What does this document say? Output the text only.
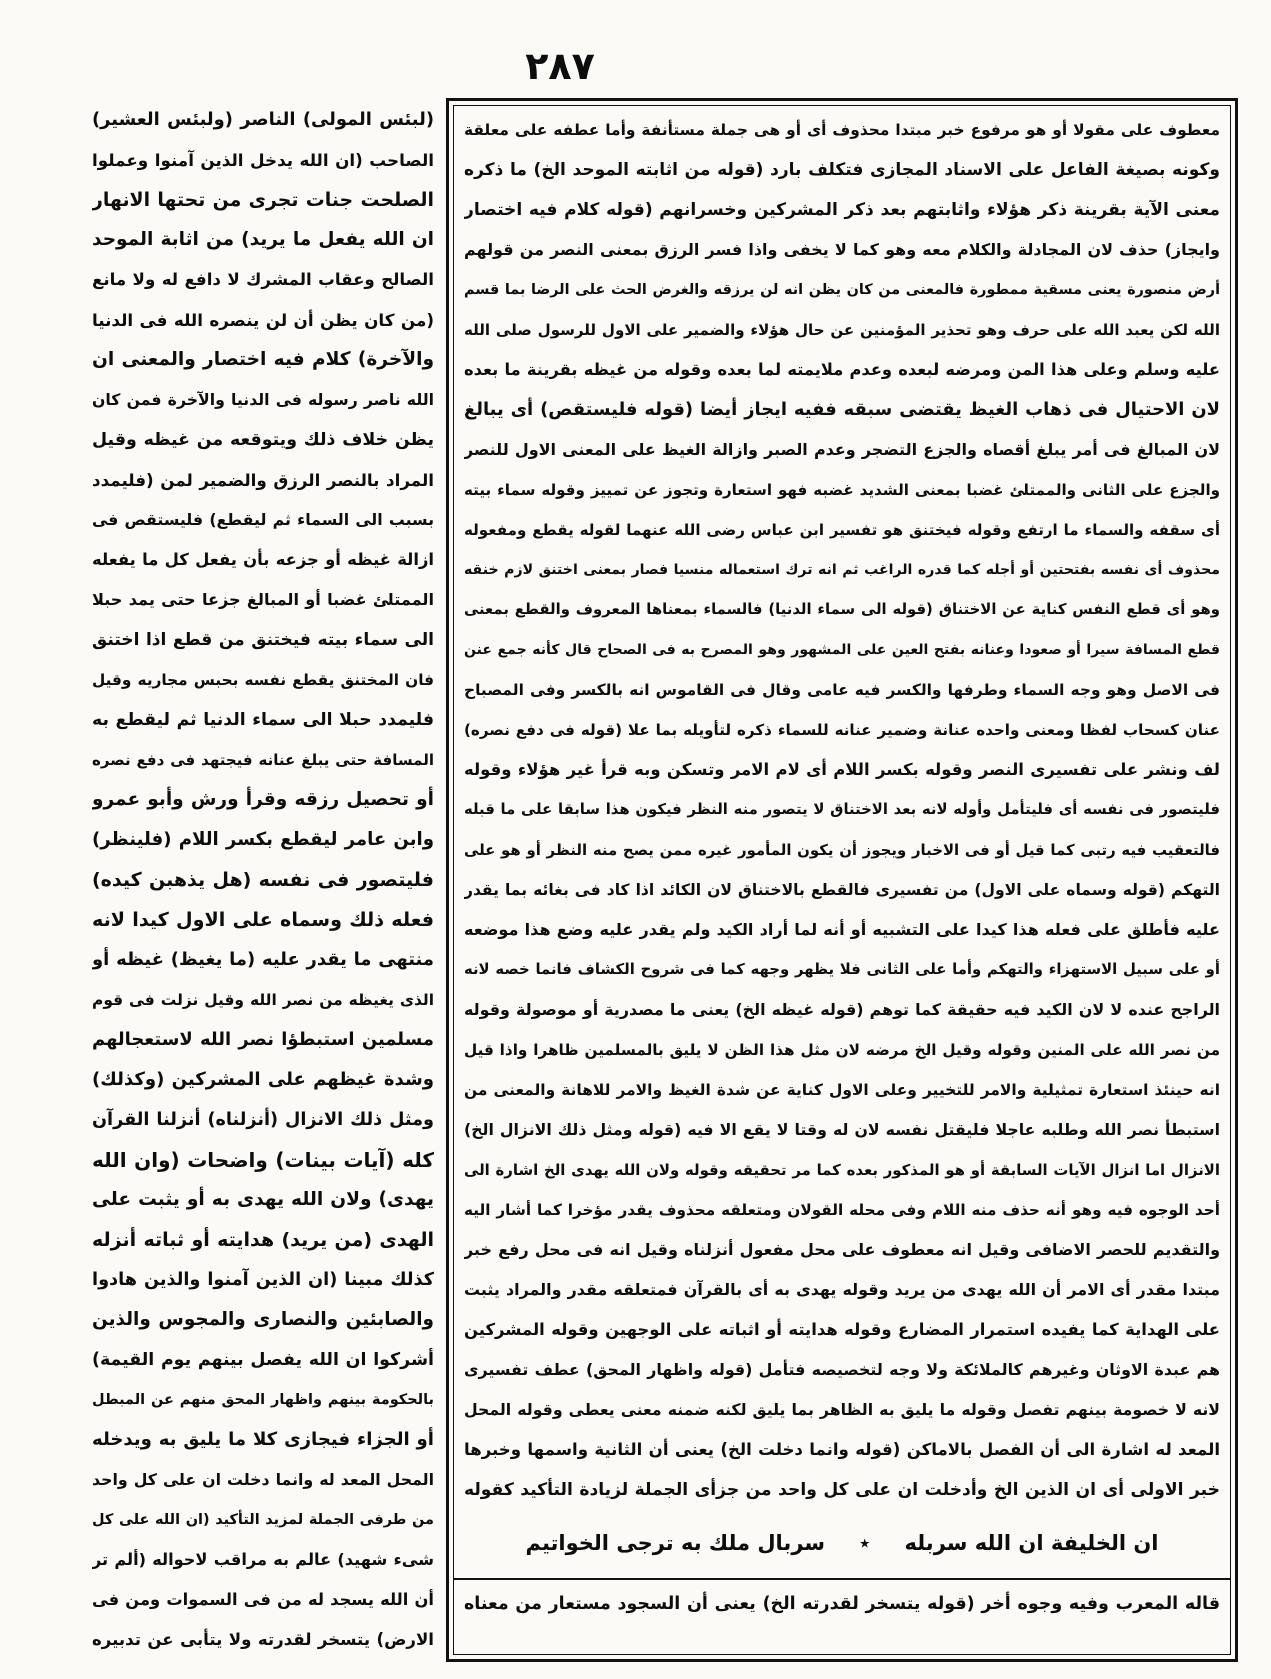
٢٨٧
معطوف على مقولا أو هو مرفوع خبر مبتدا محذوف أى أو هى جملة مستأنفة وأما عطفه على معلقة
وكونه بصيغة الفاعل على الاسناد المجازى فتكلف بارد (قوله من اثابته الموحد الخ) ما ذكره
معنى الآية بقرينة ذكر هؤلاء واثابتهم بعد ذكر المشركين وخسرانهم (قوله كلام فيه اختصار
وايجاز) حذف لان المجادلة والكلام معه وهو كما لا يخفى واذا فسر الرزق بمعنى النصر من قولهم
أرض منصورة يعنى مسقية ممطورة فالمعنى من كان يظن انه لن يرزقه والغرض الحث على الرضا بما قسم
الله لكن يعبد الله على حرف وهو تحذير المؤمنين عن حال هؤلاء والضمير على الاول للرسول صلى الله
عليه وسلم وعلى هذا المن ومرضه لبعده وعدم ملايمته لما بعده وقوله من غيظه بقرينة ما بعده
لان الاحتيال فى ذهاب الغيظ يقتضى سبقه ففيه ايجاز أيضا (قوله فليستقص) أى يبالغ
لان المبالغ فى أمر يبلغ أقصاه والجزع التضجر وعدم الصبر وازالة الغيظ على المعنى الاول للنصر
والجزع على الثانى والممتلئ غضبا بمعنى الشديد غضبه فهو استعارة وتجوز عن تمييز وقوله سماء بيته
أى سقفه والسماء ما ارتفع وقوله فيختنق هو تفسير ابن عباس رضى الله عنهما لقوله يقطع ومفعوله
محذوف أى نفسه بفتحتين أو أجله كما قدره الراغب ثم انه ترك استعماله منسيا فصار بمعنى اختنق لازم خنقه
وهو أى قطع النفس كناية عن الاختناق (قوله الى سماء الدنيا) فالسماء بمعناها المعروف والقطع بمعنى
قطع المسافة سيرا أو صعودا وعنانه بفتح العين على المشهور وهو المصرح به فى الصحاح قال كأنه جمع عنن
فى الاصل وهو وجه السماء وطرفها والكسر فيه عامى وقال فى القاموس انه بالكسر وفى المصباح
عنان كسحاب لفظا ومعنى واحده عنانة وضمير عنانه للسماء ذكره لتأويله بما علا (قوله فى دفع نصره)
لف ونشر على تفسيرى النصر وقوله بكسر اللام أى لام الامر وتسكن وبه قرأ غير هؤلاء وقوله
فليتصور فى نفسه أى فليتأمل وأوله لانه بعد الاختناق لا يتصور منه النظر فيكون هذا سابقا على ما قبله
فالتعقيب فيه رتبى كما قيل أو فى الاخبار ويجوز أن يكون المأمور غيره ممن يصح منه النظر أو هو على
التهكم (قوله وسماه على الاول) من تفسيرى فالقطع بالاختناق لان الكائد اذا كاد فى بغائه بما يقدر
عليه فأطلق على فعله هذا كيدا على التشبيه أو أنه لما أراد الكيد ولم يقدر عليه وضع هذا موضعه
أو على سبيل الاستهزاء والتهكم وأما على الثانى فلا يظهر وجهه كما فى شروح الكشاف فانما خصه لانه
الراجح عنده لا لان الكيد فيه حقيقة كما توهم (قوله غيظه الخ) يعنى ما مصدرية أو موصولة وقوله
من نصر الله على المنين وقوله وقيل الخ مرضه لان مثل هذا الظن لا يليق بالمسلمين ظاهرا واذا قيل
انه حينئذ استعارة تمثيلية والامر للتخيير وعلى الاول كناية عن شدة الغيظ والامر للاهانة والمعنى من
استبطأ نصر الله وطلبه عاجلا فليقتل نفسه لان له وقتا لا يقع الا فيه (قوله ومثل ذلك الانزال الخ)
الانزال اما انزال الآيات السابقة أو هو المذكور بعده كما مر تحقيقه وقوله ولان الله يهدى الخ اشارة الى
أحد الوجوه فيه وهو أنه حذف منه اللام وفى محله القولان ومتعلقه محذوف يقدر مؤخرا كما أشار اليه
والتقديم للحصر الاضافى وقيل انه معطوف على محل مفعول أنزلناه وقيل انه فى محل رفع خبر
مبتدا مقدر أى الامر أن الله يهدى من يريد وقوله يهدى به أى بالقرآن فمتعلقه مقدر والمراد يثبت
على الهداية كما يفيده استمرار المضارع وقوله هدايته أو اثباته على الوجهين وقوله المشركين
هم عبدة الاوثان وغيرهم كالملائكة ولا وجه لتخصيصه فتأمل (قوله واظهار المحق) عطف تفسيرى
لانه لا خصومة بينهم تفصل وقوله ما يليق به الظاهر بما يليق لكنه ضمنه معنى يعطى وقوله المحل
المعد له اشارة الى أن الفصل بالاماكن (قوله وانما دخلت الخ) يعنى أن الثانية واسمها وخبرها
خبر الاولى أى ان الذين الخ وأدخلت ان على كل واحد من جزأى الجملة لزيادة التأكيد كقوله
ان الخليفة ان الله سربله
٭
سربال ملك به ترجى الخواتيم
قاله المعرب وفيه وجوه أخر (قوله يتسخر لقدرته الخ) يعنى أن السجود مستعار من معناه
(لبئس المولى) الناصر (ولبئس العشير)
الصاحب (ان الله يدخل الذين آمنوا وعملوا
الصلحت جنات تجرى من تحتها الانهار
ان الله يفعل ما يريد) من اثابة الموحد
الصالح وعقاب المشرك لا دافع له ولا مانع
(من كان يظن أن لن ينصره الله فى الدنيا
والآخرة) كلام فيه اختصار والمعنى ان
الله ناصر رسوله فى الدنيا والآخرة فمن كان
يظن خلاف ذلك ويتوقعه من غيظه وقيل
المراد بالنصر الرزق والضمير لمن (فليمدد
بسبب الى السماء ثم ليقطع) فليستقص فى
ازالة غيظه أو جزعه بأن يفعل كل ما يفعله
الممتلئ غضبا أو المبالغ جزعا حتى يمد حبلا
الى سماء بيته فيختنق من قطع اذا اختنق
فان المختنق يقطع نفسه بحبس مجاريه وقيل
فليمدد حبلا الى سماء الدنيا ثم ليقطع به
المسافة حتى يبلغ عنانه فيجتهد فى دفع نصره
أو تحصيل رزقه وقرأ ورش وأبو عمرو
وابن عامر ليقطع بكسر اللام (فلينظر)
فليتصور فى نفسه (هل يذهبن كيده)
فعله ذلك وسماه على الاول كيدا لانه
منتهى ما يقدر عليه (ما يغيظ) غيظه أو
الذى يغيظه من نصر الله وقيل نزلت فى قوم
مسلمين استبطؤا نصر الله لاستعجالهم
وشدة غيظهم على المشركين (وكذلك)
ومثل ذلك الانزال (أنزلناه) أنزلنا القرآن
كله (آيات بينات) واضحات (وان الله
يهدى) ولان الله يهدى به أو يثبت على
الهدى (من يريد) هدايته أو ثباته أنزله
كذلك مبينا (ان الذين آمنوا والذين هادوا
والصابئين والنصارى والمجوس والذين
أشركوا ان الله يفصل بينهم يوم القيمة)
بالحكومة بينهم واظهار المحق منهم عن المبطل
أو الجزاء فيجازى كلا ما يليق به ويدخله
المحل المعد له وانما دخلت ان على كل واحد
من طرفى الجملة لمزيد التأكيد (ان الله على كل
شىء شهيد) عالم به مراقب لاحواله (ألم تر
أن الله يسجد له من فى السموات ومن فى
الارض) يتسخر لقدرته ولا يتأبى عن تدبيره
